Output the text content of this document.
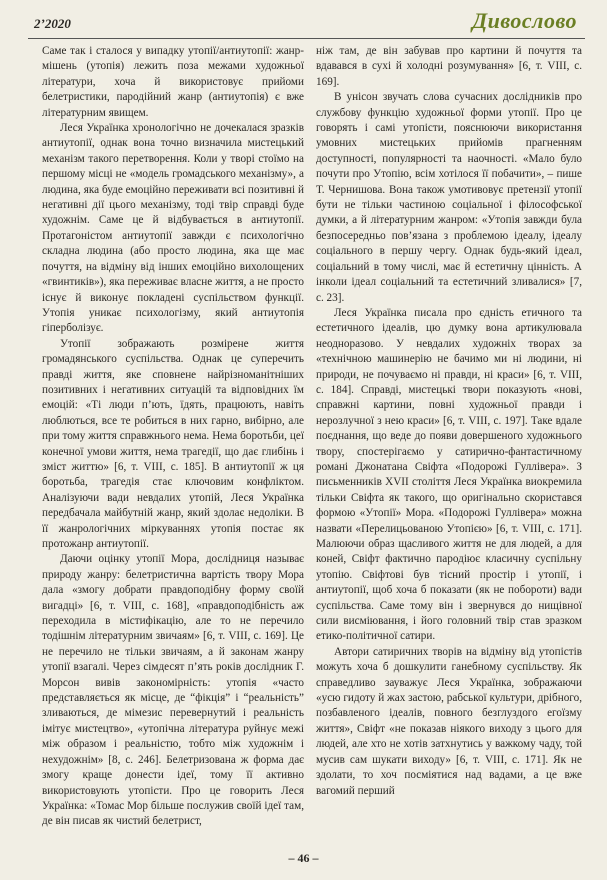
2’2020	Дивослово

Саме так і сталося у випадку утопії/антиутопії: жанр-мішень (утопія) лежить поза межами художньої літератури, хоча й використовує прийоми белетристики, пародійний жанр (антиутопія) є вже літературним явищем.

Леся Українка хронологічно не дочекалася зразків антиутопії, однак вона точно визначила мистецький механізм такого перетворення. Коли у творі стоїмо на першому місці не «модель громадського механізму», а людина, яка буде емоційно переживати всі позитивні й негативні дії цього механізму, тоді твір справді буде художнім. Саме це й відбувається в антиутопії. Протагоністом антиутопії завжди є психологічно складна людина (або просто людина, яка ще має почуття, на відміну від інших емоційно вихолощених «гвинтиків»), яка переживає власне життя, а не просто існує й виконує покладені суспільством функції. Утопія уникає психологізму, який антиутопія гіперболізує.

Утопії зображають розмірене життя громадянського суспільства. Однак це суперечить правді життя, яке сповнене найрізноманітніших позитивних і негативних ситуацій та відповідних їм емоцій: «Ті люди п’ють, їдять, працюють, навіть люблються, все те робиться в них гарно, вибірно, але при тому життя справжнього нема. Нема боротьби, цеї конечної умови життя, нема трагедії, що дає глибінь і зміст життю» [6, т. VIII, с. 185]. В антиутопії ж ця боротьба, трагедія стає ключовим конфліктом. Аналізуючи вади невдалих утопій, Леся Українка передбачала майбутній жанр, який здолає недоліки. В її жанрологічних міркуваннях утопія постає як протожанр антиутопії.

Даючи оцінку утопії Мора, дослідниця называє природу жанру: белетристична вартість твору Мора дала «змогу добрати правдоподібну форму своїй вигадці» [6, т. VIII, с. 168], «правдоподібність аж переходила в містифікацію, але то не перечило тодішнім літературним звичаям» [6, т. VIII, с. 169]. Це не перечило не тільки звичаям, а й законам жанру утопії взагалі. Через сімдесят п’ять років дослідник Г. Морсон вивів закономірність: утопія «часто представляється як місце, де “фікція” і “реальність” зливаються, де мімезис перевернутий і реальність імітує мистецтво», «утопічна література руйнує межі між образом і реальністю, тобто між художнім і нехудожнім» [8, с. 246]. Белетризована ж форма дає змогу краще донести ідеї, тому її активно використовують утопісти. Про це говорить Леся Українка: «Томас Мор більше послужив своїй ідеї там, де він писав як чистий белетрист,

ніж там, де він забував про картини й почуття та вдавався в сухі й холодні розумування» [6, т. VIII, с. 169].

В унісон звучать слова сучасних дослідників про службову функцію художньої форми утопії. Про це говорять і самі утопісти, пояснюючи використання умовних мистецьких прийомів прагненням доступності, популярності та наочності. «Мало було почути про Утопію, всім хотілося її побачити», – пише Т. Чернишова. Вона також умотивовує претензії утопії бути не тільки частиною соціальної і філософської думки, а й літературним жанром: «Утопія завжди була безпосередньо пов’язана з проблемою ідеалу, ідеалу соціального в першу чергу. Однак будь-який ідеал, соціальний в тому числі, має й естетичну цінність. А інколи ідеал соціальний та естетичний зливалися» [7, с. 23].

Леся Українка писала про єдність етичного та естетичного ідеалів, цю думку вона артикулювала неодноразово. У невдалих художніх творах за «технічною машинерію не бачимо ми ні людини, ні природи, не почуваємо ні правди, ні краси» [6, т. VIII, с. 184]. Справді, мистецькі твори показують «нові, справжні картини, повні художньої правди і нерозлучної з нею краси» [6, т. VIII, с. 197]. Таке вдале поєднання, що веде до появи довершеного художнього твору, спостерігаємо у сатирично-фантастичному романі Джонатана Свіфта «Подорожі Гуллівера». З письменників XVII століття Леся Українка виокремила тільки Свіфта як такого, що оригінально скористався формою «Утопії» Мора. «Подорожі Гуллівера» можна назвати «Перелицьованою Утопією» [6, т. VIII, с. 171]. Малюючи образ щасливого життя не для людей, а для коней, Свіфт фактично пародіює класичну суспільну утопію. Свіфтові був тісний простір і утопії, і антиутопії, щоб хоча б показати (як не побороти) вади суспільства. Саме тому він і звернувся до нищівної сили висміювання, і його головний твір став зразком етико-політичної сатири.

Автори сатиричних творів на відміну від утопістів можуть хоча б дошкулити ганебному суспільству. Як справедливо зауважує Леся Українка, зображаючи «усю гидоту й жах застою, рабської культури, дрібного, позбавленого ідеалів, повного безглуздого егоїзму життя», Свіфт «не показав ніякого виходу з цього для людей, але хто не хотів затхнутись у важкому чаду, той мусив сам шукати виходу» [6, т. VIII, с. 171]. Як не здолати, то хоч посміятися над вадами, а це вже вагомий перший

– 46 –
